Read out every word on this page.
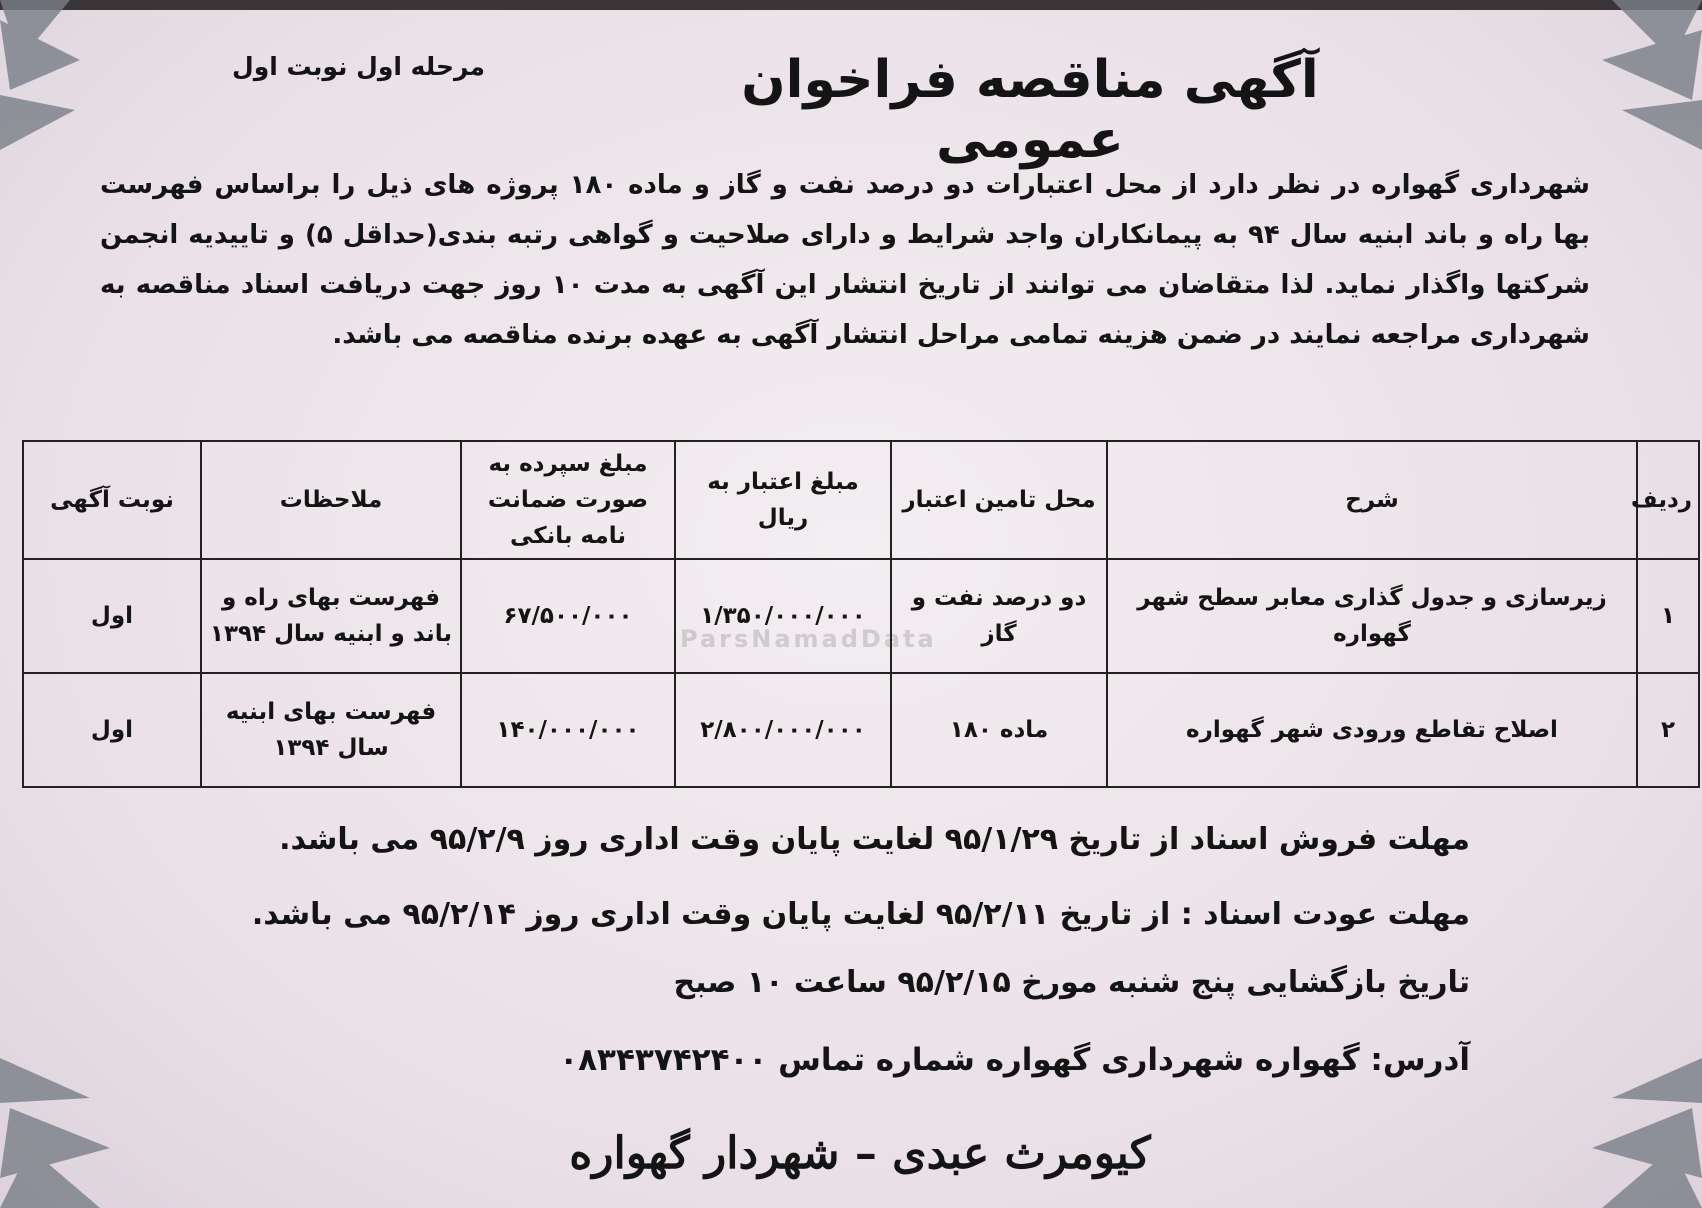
ParsNamadData
مرحله اول نوبت اول	آگهی مناقصه فراخوان عمومی
شهرداری گهواره در نظر دارد از محل اعتبارات دو درصد نفت و گاز و ماده ۱۸۰ پروژه های ذیل را براساس فهرست بها راه و باند ابنیه سال ۹۴ به پیمانکاران واجد شرایط و دارای صلاحیت و گواهی رتبه بندی(حداقل ۵) و تاییدیه انجمن شرکتها واگذار نماید. لذا متقاضان می توانند از تاریخ انتشار این آگهی به مدت ۱۰ روز جهت دریافت اسناد مناقصه به شهرداری مراجعه نمایند در ضمن هزینه تمامی مراحل انتشار آگهی به عهده برنده مناقصه می باشد.
ردیف	شرح	محل تامین اعتبار	مبلغ اعتبار به ریال	مبلغ سپرده به صورت ضمانت نامه بانکی	ملاحظات	نوبت آگهی
۱	زیرسازی و جدول گذاری معابر سطح شهر گهواره	دو درصد نفت و گاز	۱/۳۵۰/۰۰۰/۰۰۰	۶۷/۵۰۰/۰۰۰	فهرست بهای راه و باند و ابنیه سال ۱۳۹۴	اول
۲	اصلاح تقاطع ورودی شهر گهواره	ماده ۱۸۰	۲/۸۰۰/۰۰۰/۰۰۰	۱۴۰/۰۰۰/۰۰۰	فهرست بهای ابنیه سال ۱۳۹۴	اول
مهلت فروش اسناد از تاریخ ۹۵/۱/۲۹ لغایت پایان وقت اداری روز ۹۵/۲/۹ می باشد.
مهلت عودت اسناد : از تاریخ ۹۵/۲/۱۱ لغایت پایان وقت اداری روز ۹۵/۲/۱۴ می باشد.
تاریخ بازگشایی پنج شنبه مورخ ۹۵/۲/۱۵ ساعت ۱۰ صبح
آدرس: گهواره شهرداری گهواره شماره تماس ۰۸۳۴۳۷۴۲۴۰۰
کیومرث عبدی – شهردار گهواره
